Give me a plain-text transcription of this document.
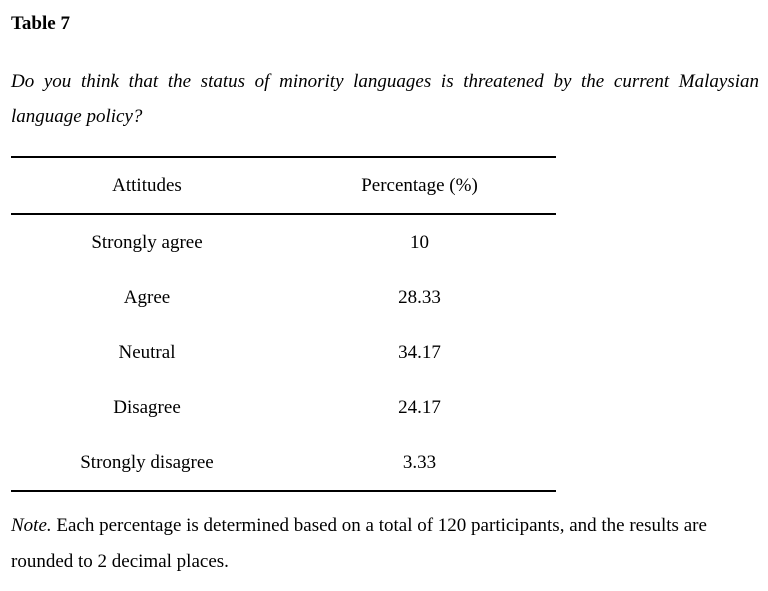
Table 7

Do you think that the status of minority languages is threatened by the current Malaysian language policy?

Attitudes	Percentage (%)
Strongly agree	10
Agree	28.33
Neutral	34.17
Disagree	24.17
Strongly disagree	3.33

Note. Each percentage is determined based on a total of 120 participants, and the results are rounded to 2 decimal places.
